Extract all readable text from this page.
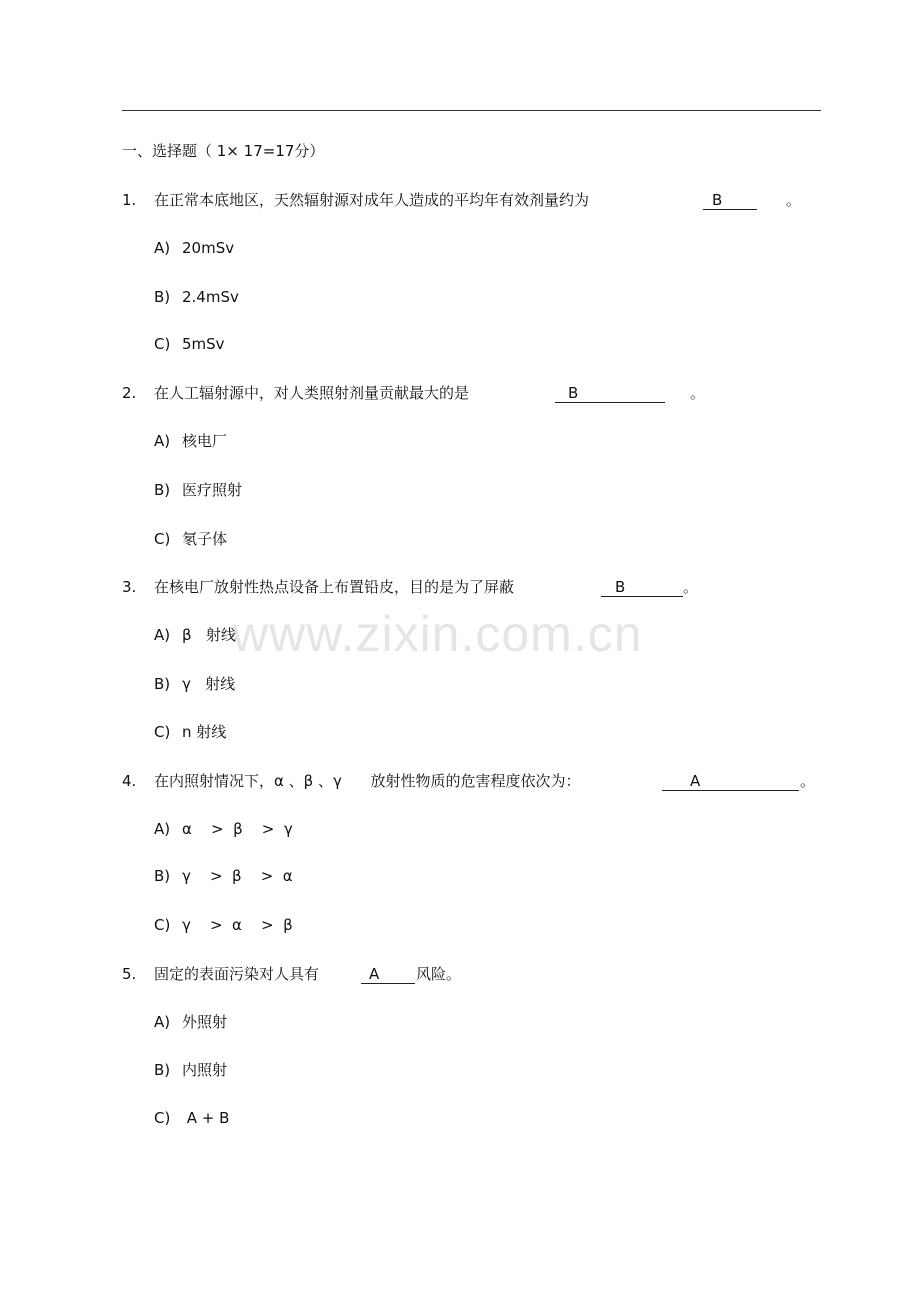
www.zixin.com.cn
一、选择题（ 1× 17=17分）
1. 在正常本底地区，天然辐射源对成年人造成的平均年有效剂量约为	B	。
A) 20mSv
B) 2.4mSv
C) 5mSv
2. 在人工辐射源中，对人类照射剂量贡献最大的是	B	。
A) 核电厂
B) 医疗照射
C) 氡子体
3. 在核电厂放射性热点设备上布置铅皮，目的是为了屏蔽	B	。
A) β   射线
B) γ   射线
C) n 射线
4. 在内照射情况下，α 、β 、γ      放射性物质的危害程度依次为：	A	。
A) α    >  β    >  γ
B) γ    >  β    >  α
C) γ    >  α    >  β
5. 固定的表面污染对人具有	A	风险。
A) 外照射
B) 内照射
C) A + B
